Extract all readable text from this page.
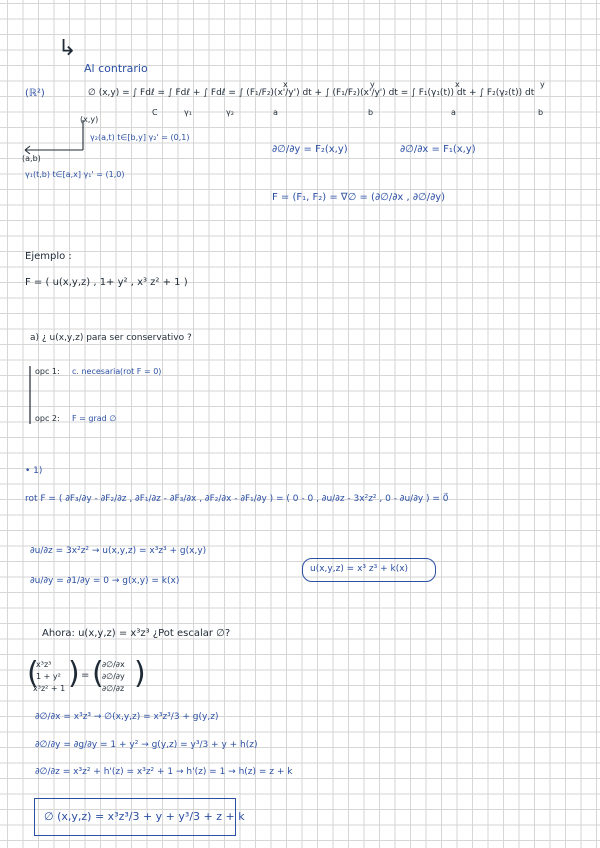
↳
Al contrario
(ℝ²)	∅ (x,y) = ∫ Fdℓ = ∫ Fdℓ + ∫ Fdℓ = ∫ (F₁/F₂)(x'/y') dt + ∫ (F₁/F₂)(x'/y') dt = ∫ F₁(γ₁(t)) dt + ∫ F₂(γ₂(t)) dt
C	γ₁	γ₂	a
x
b
y
a
x
b
y
(x,y)
γ₂(a,t) t∈[b,y] γ₂' = (0,1)
(a,b)
γ₁(t,b) t∈[a,x] γ₁' = (1,0)
∂∅/∂y = F₂(x,y)	∂∅/∂x = F₁(x,y)
F = (F₁, F₂) = ∇∅ = (∂∅/∂x , ∂∅/∂y)
Ejemplo :
F = ( u(x,y,z) , 1+ y² , x³ z² + 1 )
a) ¿ u(x,y,z) para ser conservativo ?
opc 1: c. necesaria (rot F = 0)
opc 2: F = grad ∅
• 1)
rot F = ( ∂F₃/∂y - ∂F₂/∂z , ∂F₁/∂z - ∂F₃/∂x , ∂F₂/∂x - ∂F₁/∂y ) = ( 0 - 0 , ∂u/∂z - 3x²z² , 0 - ∂u/∂y ) = 0⃗
∂u/∂z = 3x²z² → u(x,y,z) = x³z³ + g(x,y)
∂u/∂y = ∂1/∂y = 0 → g(x,y) = k(x)
u(x,y,z) = x³ z³ + k(x)
Ahora: u(x,y,z) = x³z³ ¿Pot escalar ∅?
(
x³z³
1 + y²
x³z² + 1 ) = (
∂∅/∂x
∂∅/∂y
∂∅/∂z )
∂∅/∂x = x³z³ → ∅(x,y,z) = x³z³/3 + g(y,z)
∂∅/∂y = ∂g/∂y = 1 + y² → g(y,z) = y³/3 + y + h(z)
∂∅/∂z = x³z² + h'(z) = x³z² + 1 → h'(z) = 1 → h(z) = z + k
∅ (x,y,z) = x³z³/3 + y + y³/3 + z + k
